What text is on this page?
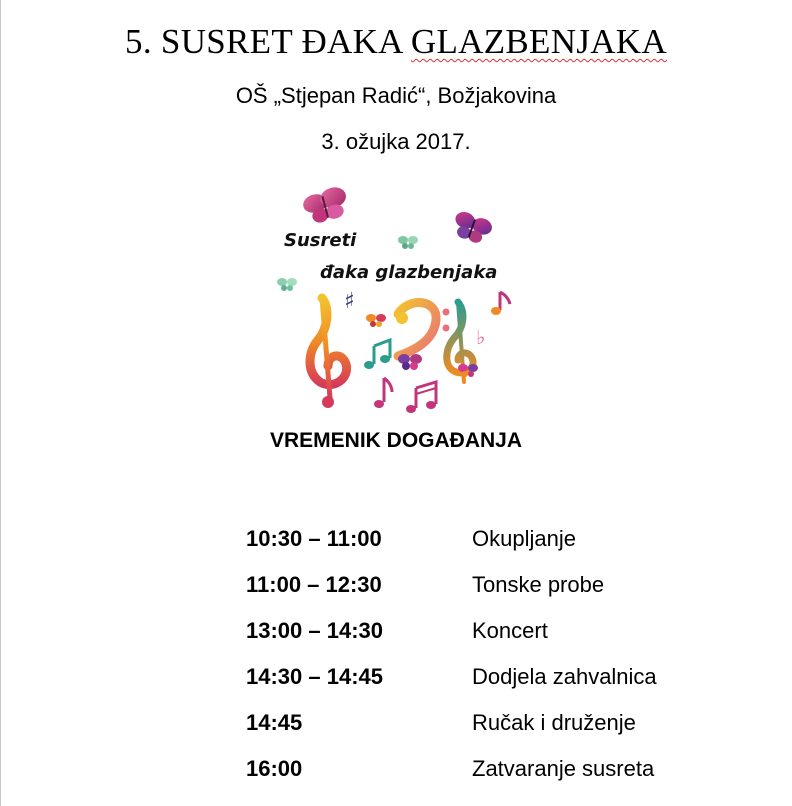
5. SUSRET ĐAKA GLAZBENJAKA
OŠ „Stjepan Radić“, Božjakovina
3. ožujka 2017.
Susreti
đaka glazbenjaka
♯
♭
VREMENIK DOGAĐANJA
10:30 – 11:00	Okupljanje
11:00 – 12:30	Tonske probe
13:00 – 14:30	Koncert
14:30 – 14:45	Dodjela zahvalnica
14:45	Ručak i druženje
16:00	Zatvaranje susreta
